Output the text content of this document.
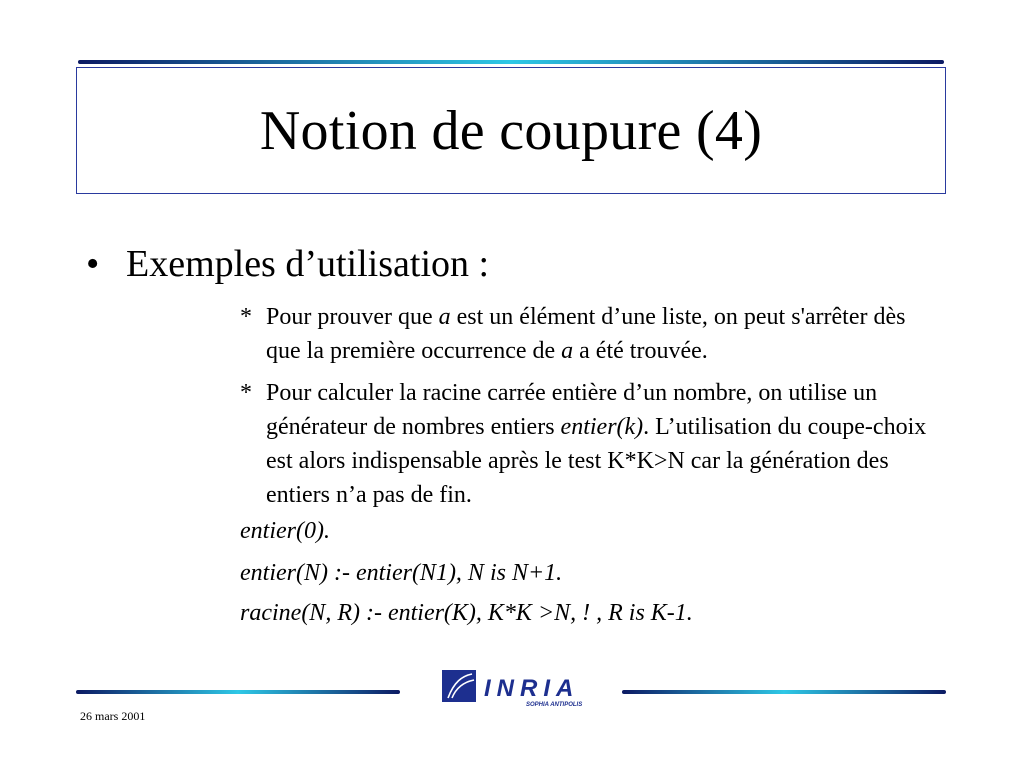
Notion de coupure (4)
• Exemples d’utilisation :
* Pour prouver que a est un élément d’une liste, on peut s'arrêter dès que la première occurrence de a a été trouvée.
* Pour calculer la racine carrée entière d’un nombre, on utilise un générateur de nombres entiers entier(k). L’utilisation du coupe-choix est alors indispensable après le test K*K>N car la génération des entiers n’a pas de fin.
entier(0).
entier(N) :- entier(N1), N is N+1.
racine(N, R) :- entier(K), K*K >N, ! , R is K-1.
INRIA
SOPHIA ANTIPOLIS
26 mars 2001
